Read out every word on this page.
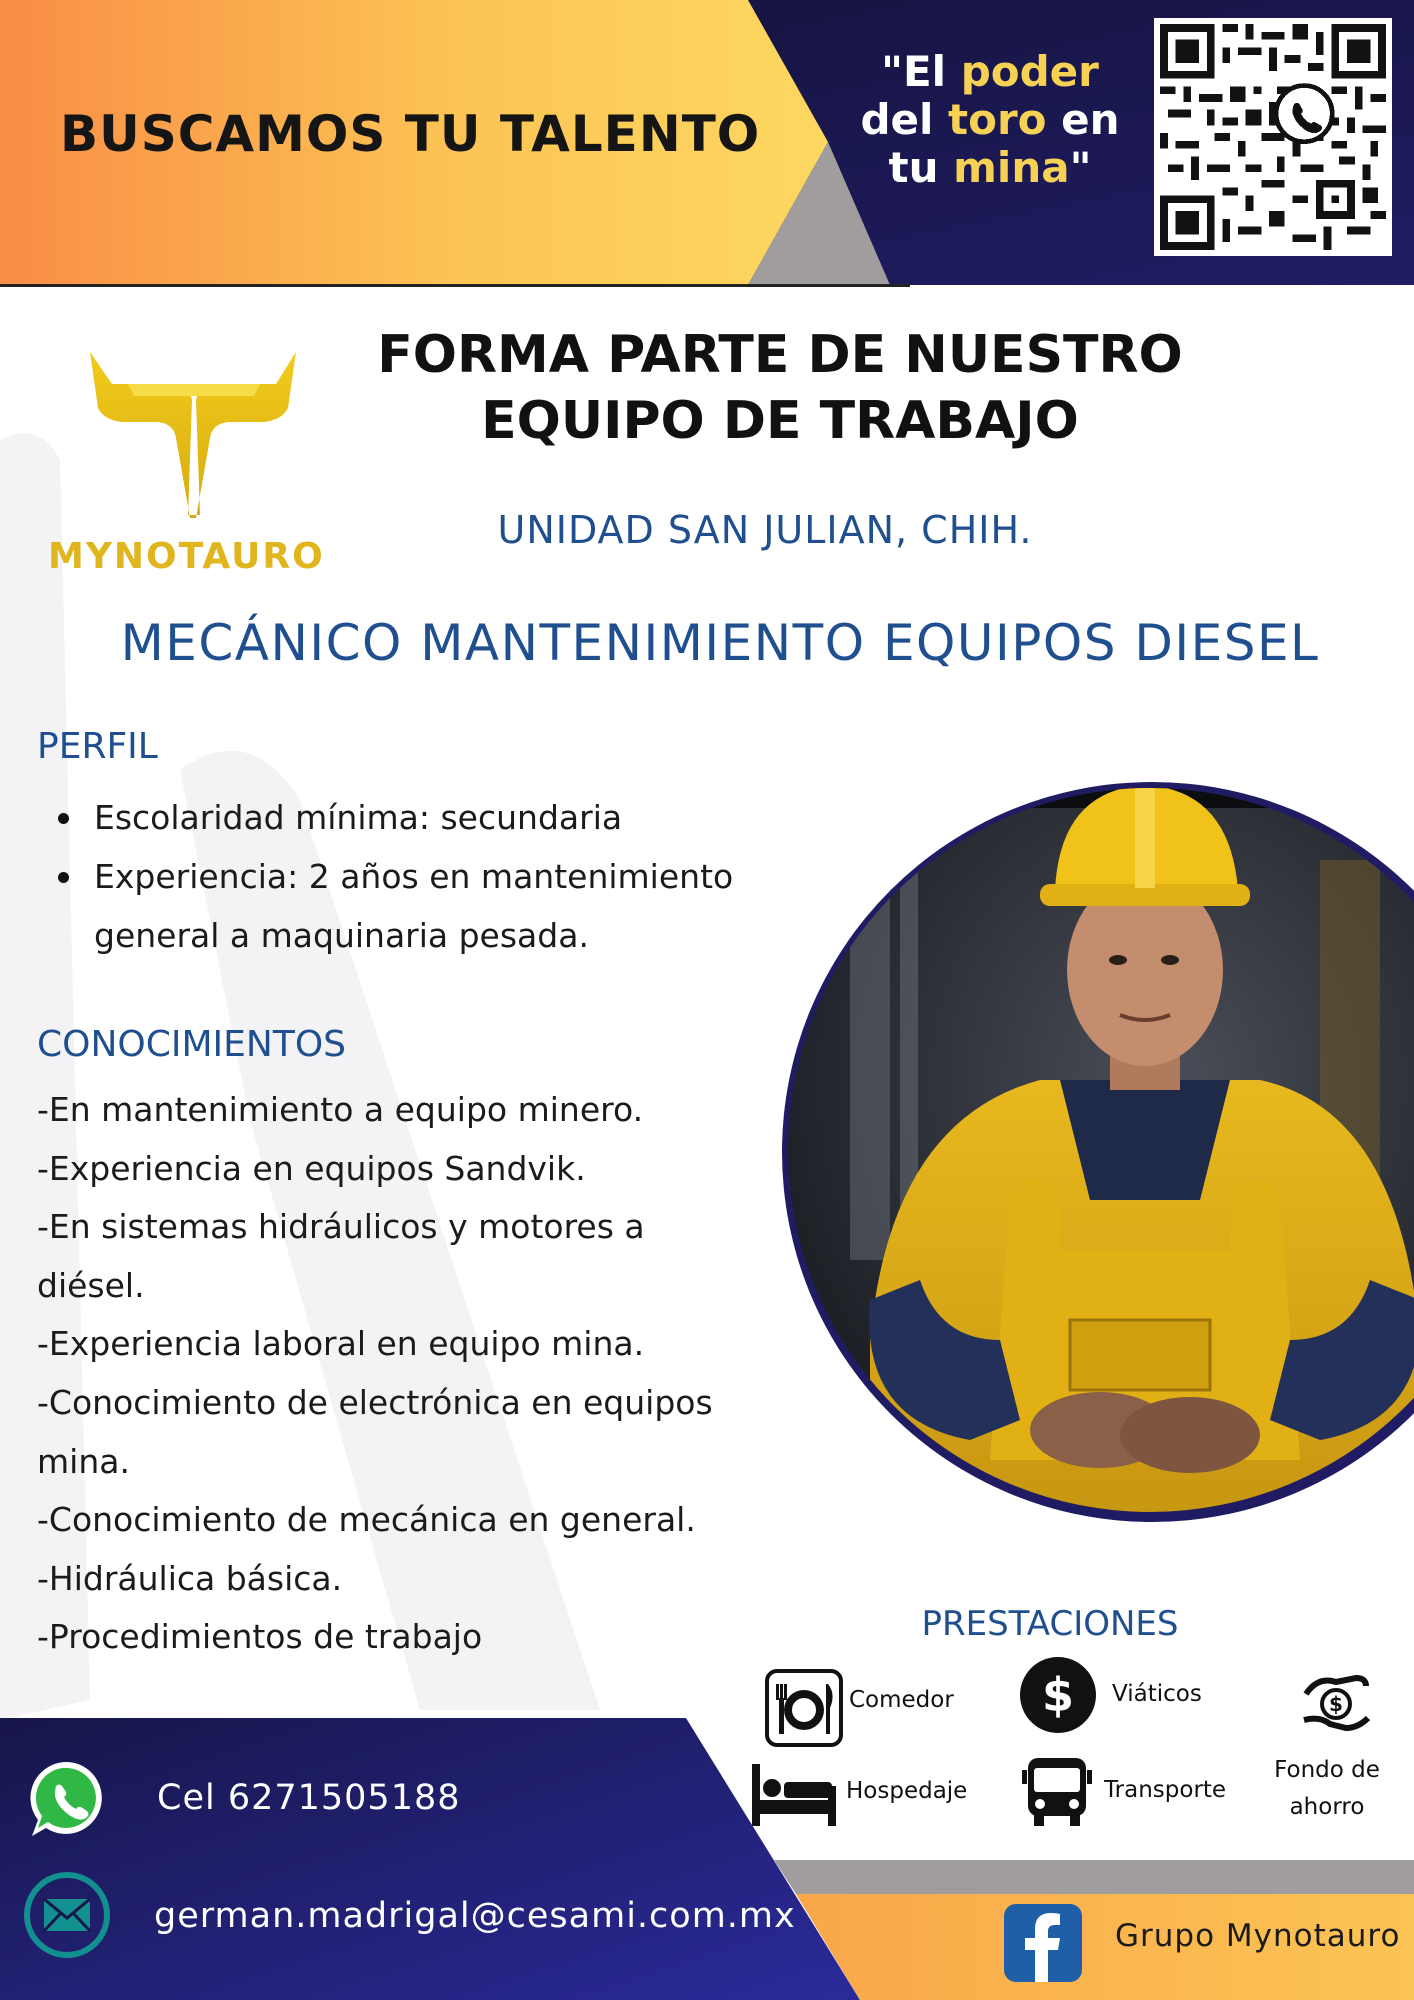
BUSCAMOS TU TALENTO
"El poder del toro en tu mina"
MYNOTAURO
FORMA PARTE DE NUESTRO
EQUIPO DE TRABAJO
UNIDAD SAN JULIAN, CHIH.
MECÁNICO MANTENIMIENTO EQUIPOS DIESEL
PERFIL
Escolaridad mínima: secundaria
Experiencia: 2 años en mantenimiento general a maquinaria pesada.
CONOCIMIENTOS
-En mantenimiento a equipo minero.
-Experiencia en equipos Sandvik.
-En sistemas hidráulicos y motores a diésel.
-Experiencia laboral en equipo mina.
-Conocimiento de electrónica en equipos mina.
-Conocimiento de mecánica en general.
-Hidráulica básica.
-Procedimientos de trabajo	PRESTACIONES
Comedor $ Viáticos	$
Fondo de ahorro
Hospedaje	Transporte
Cel 6271505188
german.madrigal@cesami.com.mx	Grupo Mynotauro
